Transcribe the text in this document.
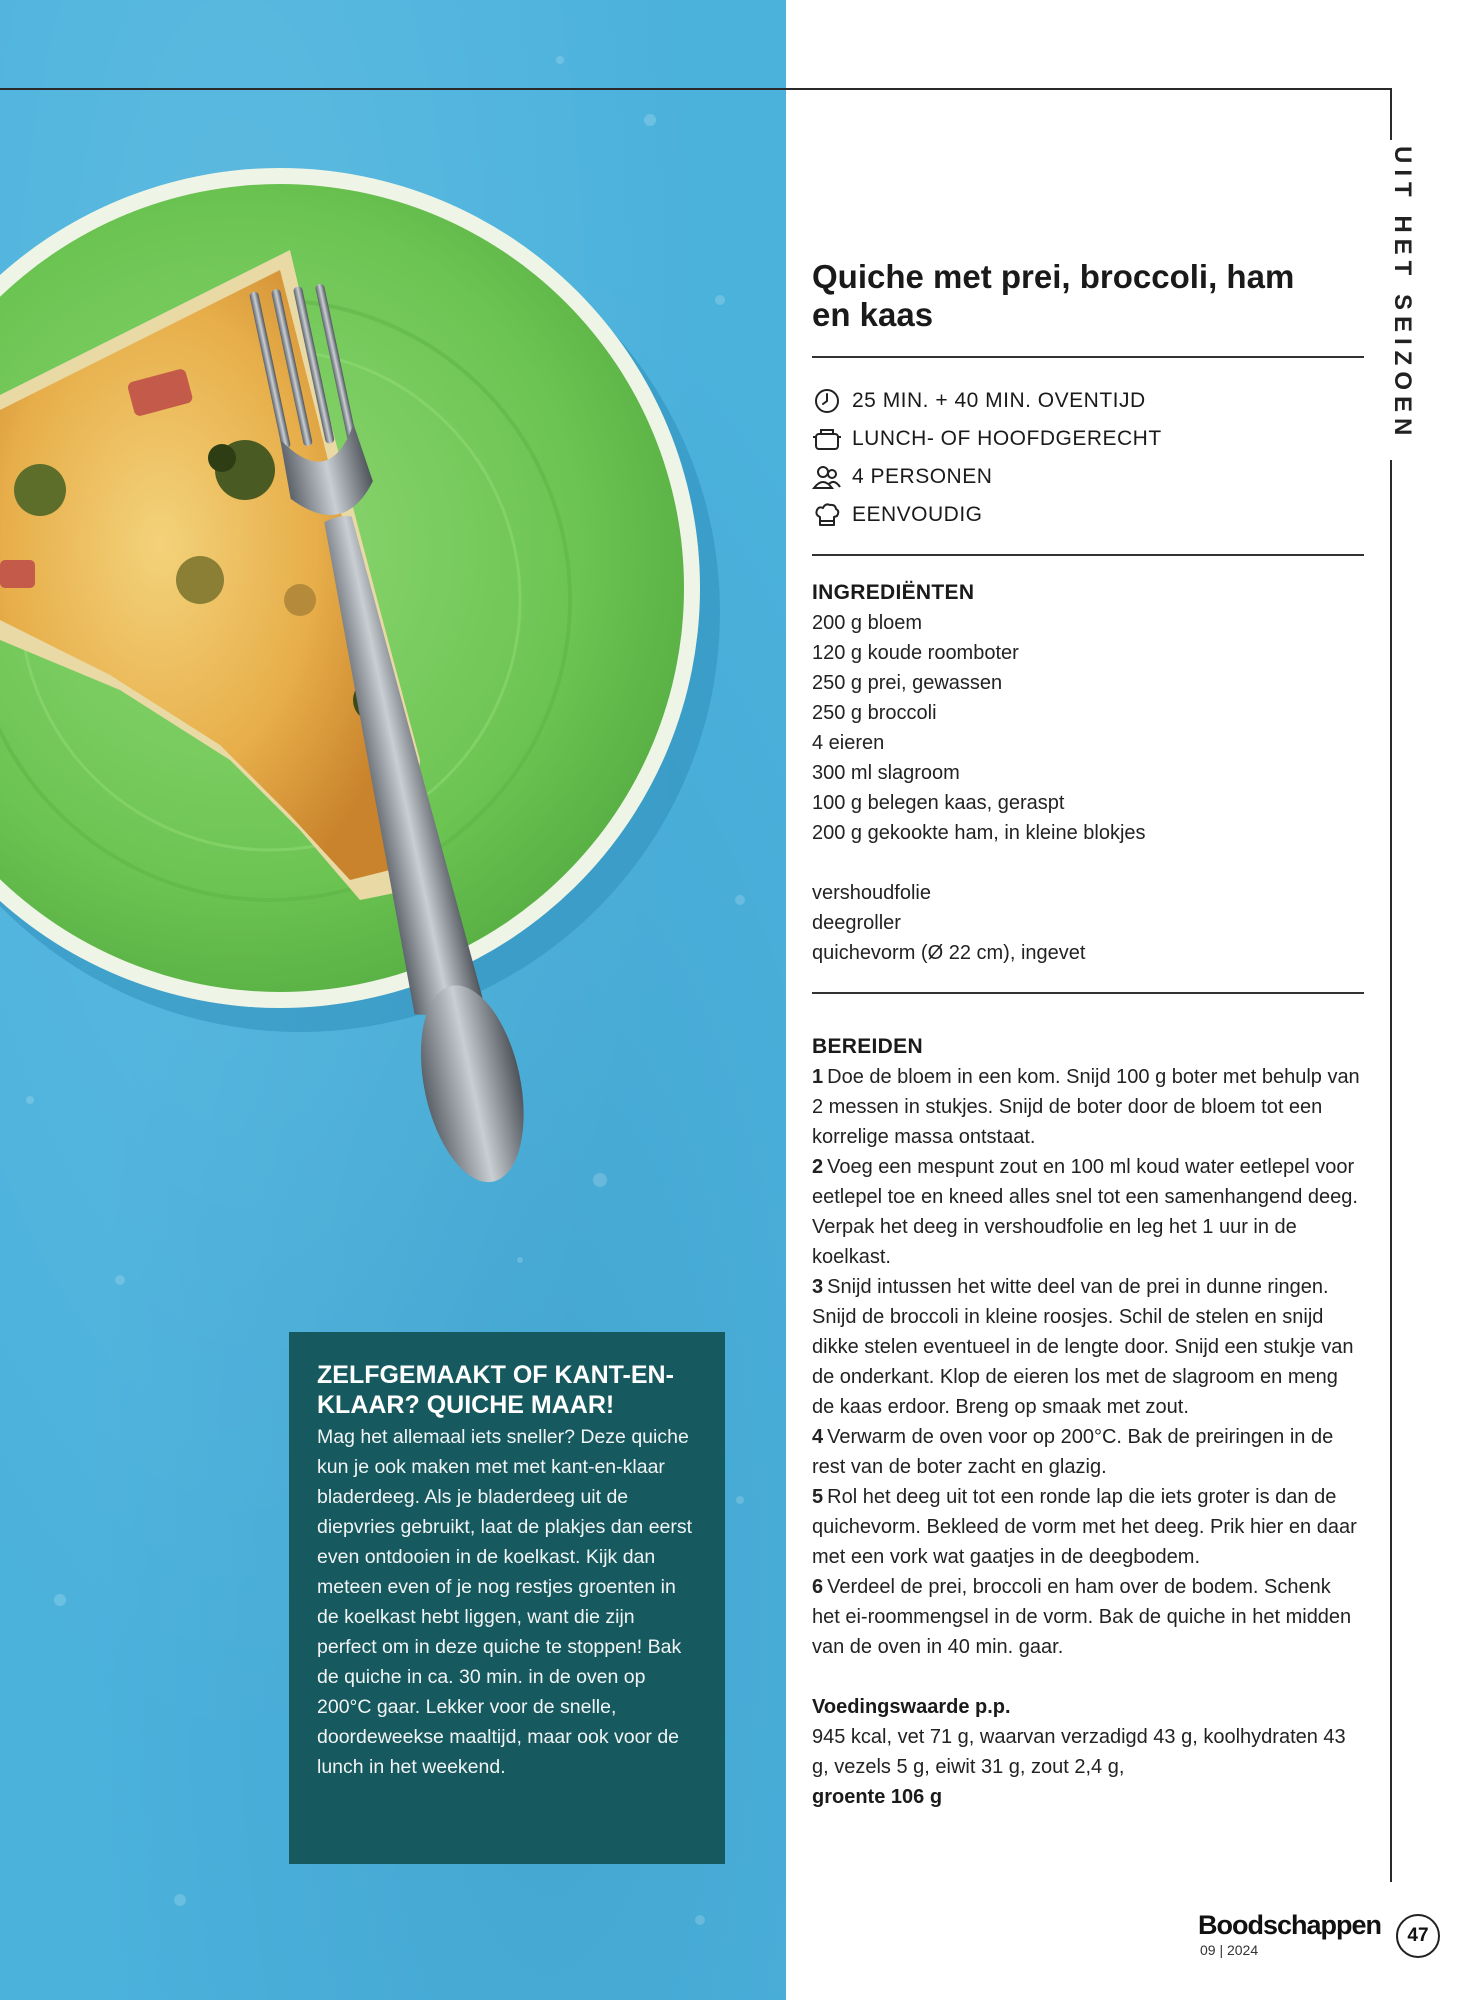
ZELFGEMAAKT OF KANT-EN-KLAAR? QUICHE MAAR!
Mag het allemaal iets sneller? Deze quiche kun je ook maken met met kant-en-klaar bladerdeeg. Als je bladerdeeg uit de diepvries gebruikt, laat de plakjes dan eerst even ontdooien in de koelkast. Kijk dan meteen even of je nog restjes groenten in de koelkast hebt liggen, want die zijn perfect om in deze quiche te stoppen! Bak de quiche in ca. 30 min. in de oven op 200°C gaar. Lekker voor de snelle, doordeweekse maaltijd, maar ook voor de lunch in het weekend.
UIT HET SEIZOEN
Quiche met prei, broccoli, ham en kaas
25 MIN. + 40 MIN. OVENTIJD
LUNCH- OF HOOFDGERECHT
4 PERSONEN
EENVOUDIG
INGREDIËNTEN
200 g bloem
120 g koude roomboter
250 g prei, gewassen
250 g broccoli
4 eieren
300 ml slagroom
100 g belegen kaas, geraspt
200 g gekookte ham, in kleine blokjes
vershoudfolie
deegroller
quichevorm (Ø 22 cm), ingevet
BEREIDEN

1 Doe de bloem in een kom. Snijd 100 g boter met behulp van 2 messen in stukjes. Snijd de boter door de bloem tot een korrelige massa ontstaat.

2 Voeg een mespunt zout en 100 ml koud water eetlepel voor eetlepel toe en kneed alles snel tot een samenhangend deeg. Verpak het deeg in vershoudfolie en leg het 1 uur in de koelkast.

3 Snijd intussen het witte deel van de prei in dunne ringen. Snijd de broccoli in kleine roosjes. Schil de stelen en snijd dikke stelen eventueel in de lengte door. Snijd een stukje van de onderkant. Klop de eieren los met de slagroom en meng de kaas erdoor. Breng op smaak met zout.

4 Verwarm de oven voor op 200°C. Bak de preiringen in de rest van de boter zacht en glazig.

5 Rol het deeg uit tot een ronde lap die iets groter is dan de quichevorm. Bekleed de vorm met het deeg. Prik hier en daar met een vork wat gaatjes in de deegbodem.

6 Verdeel de prei, broccoli en ham over de bodem. Schenk het ei-roommengsel in de vorm. Bak de quiche in het midden van de oven in 40 min. gaar.

Voedingswaarde p.p.
945 kcal, vet 71 g, waarvan verzadigd 43 g, koolhydraten 43 g, vezels 5 g, eiwit 31 g, zout 2,4 g,
groente 106 g
Boodschappen
09 | 2024
47
